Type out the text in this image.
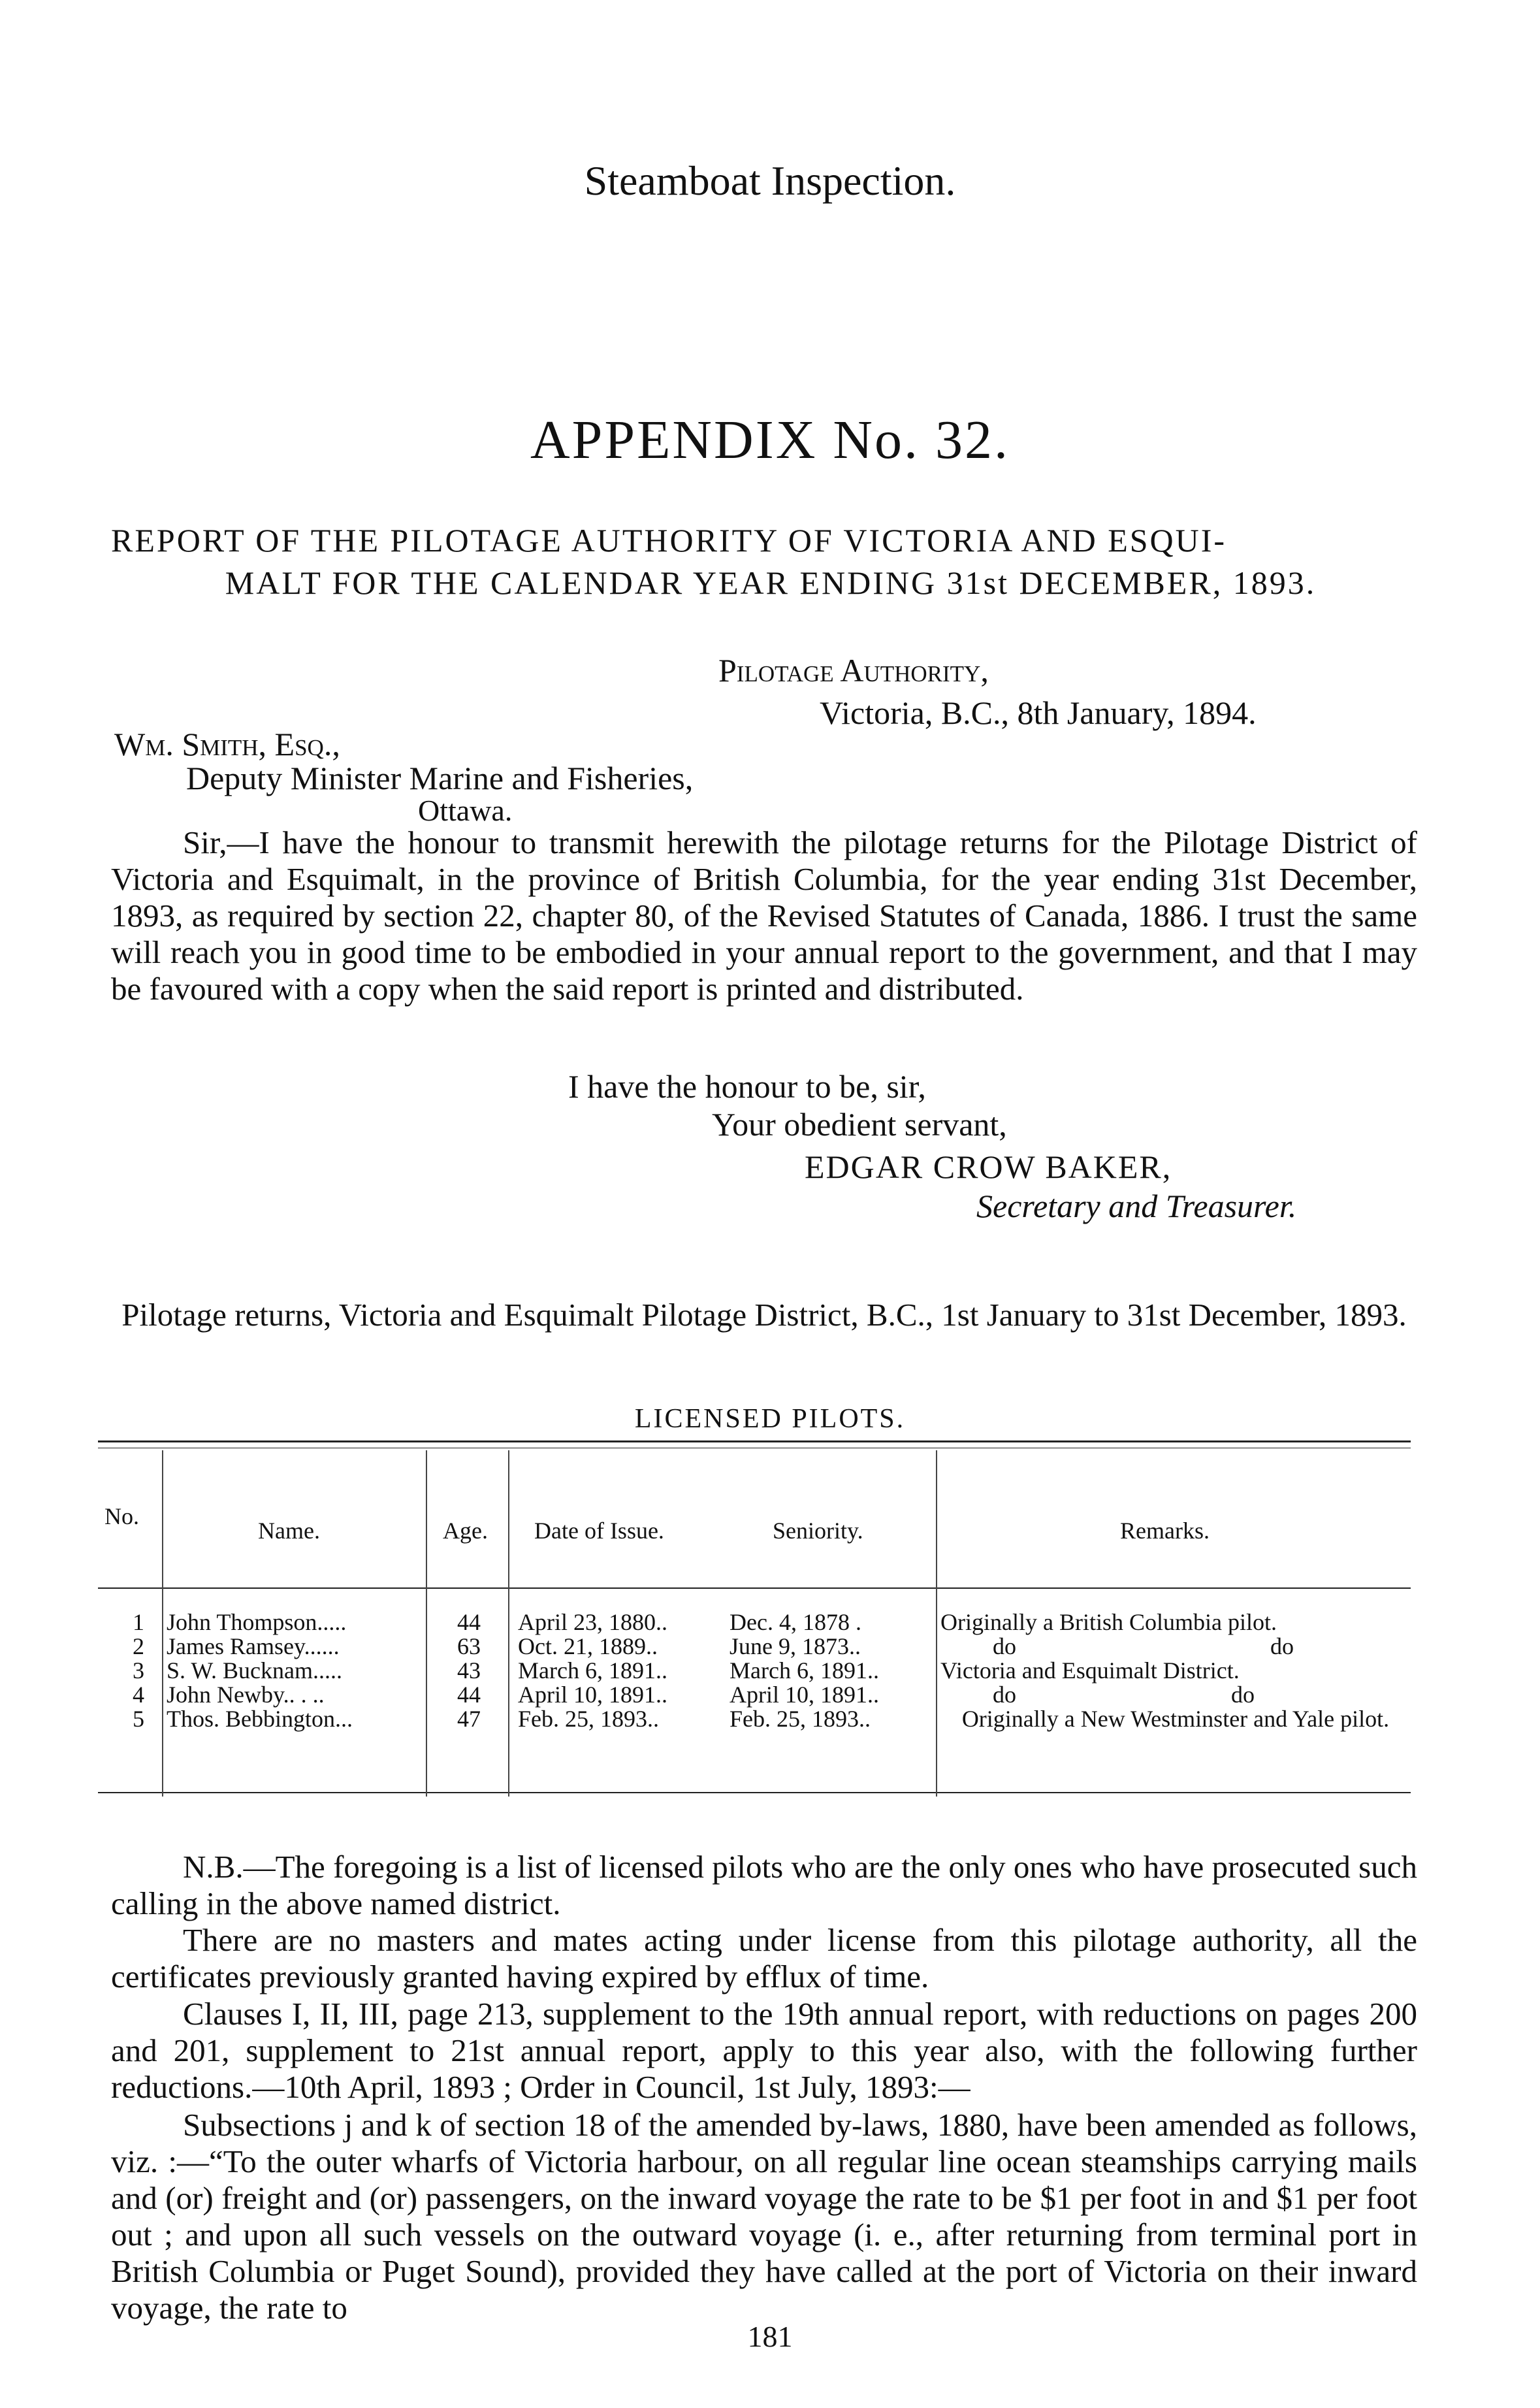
Steamboat Inspection.
APPENDIX No. 32.
REPORT OF THE PILOTAGE AUTHORITY OF VICTORIA AND ESQUI-
MALT FOR THE CALENDAR YEAR ENDING 31st DECEMBER, 1893.
Pilotage Authority,
Victoria, B.C., 8th January, 1894.
Wm. Smith, Esq.,
Deputy Minister Marine and Fisheries,
Ottawa.

Sir,—I have the honour to transmit herewith the pilotage returns for the Pilotage District of Victoria and Esquimalt, in the province of British Columbia, for the year ending 31st December, 1893, as required by section 22, chapter 80, of the Revised Statutes of Canada, 1886. I trust the same will reach you in good time to be embodied in your annual report to the government, and that I may be favoured with a copy when the said report is printed and distributed.

I have the honour to be, sir,
Your obedient servant,
EDGAR CROW BAKER,
Secretary and Treasurer.

Pilotage returns, Victoria and Esquimalt Pilotage District, B.C., 1st January to 31st December, 1893.

LICENSED PILOTS.
No.
Name.	Age. Date of Issue.	Seniority.	Remarks.
1 John Thompson.....	44 April 23, 1880..	Dec. 4, 1878 .	Originally a British Columbia pilot.
2 James Ramsey......	63 Oct. 21, 1889..	June 9, 1873..	do do
3 S. W. Bucknam.....	43 March 6, 1891..	March 6, 1891..	Victoria and Esquimalt District.
4 John Newby.. . ..	44 April 10, 1891..	April 10, 1891..	do do
5 Thos. Bebbington...	47 Feb. 25, 1893..	Feb. 25, 1893..	Originally a New Westminster and Yale pilot.

N.B.—The foregoing is a list of licensed pilots who are the only ones who have prosecuted such calling in the above named district.

There are no masters and mates acting under license from this pilotage authority, all the certificates previously granted having expired by efflux of time.

Clauses I, II, III, page 213, supplement to the 19th annual report, with reductions on pages 200 and 201, supplement to 21st annual report, apply to this year also, with the following further reductions.—10th April, 1893 ; Order in Council, 1st July, 1893:—

Subsections j and k of section 18 of the amended by-laws, 1880, have been amended as follows, viz. :—“To the outer wharfs of Victoria harbour, on all regular line ocean steamships carrying mails and (or) freight and (or) passengers, on the inward voyage the rate to be $1 per foot in and $1 per foot out ; and upon all such vessels on the outward voyage (i. e., after returning from terminal port in British Columbia or Puget Sound), provided they have called at the port of Victoria on their inward voyage, the rate to

181
